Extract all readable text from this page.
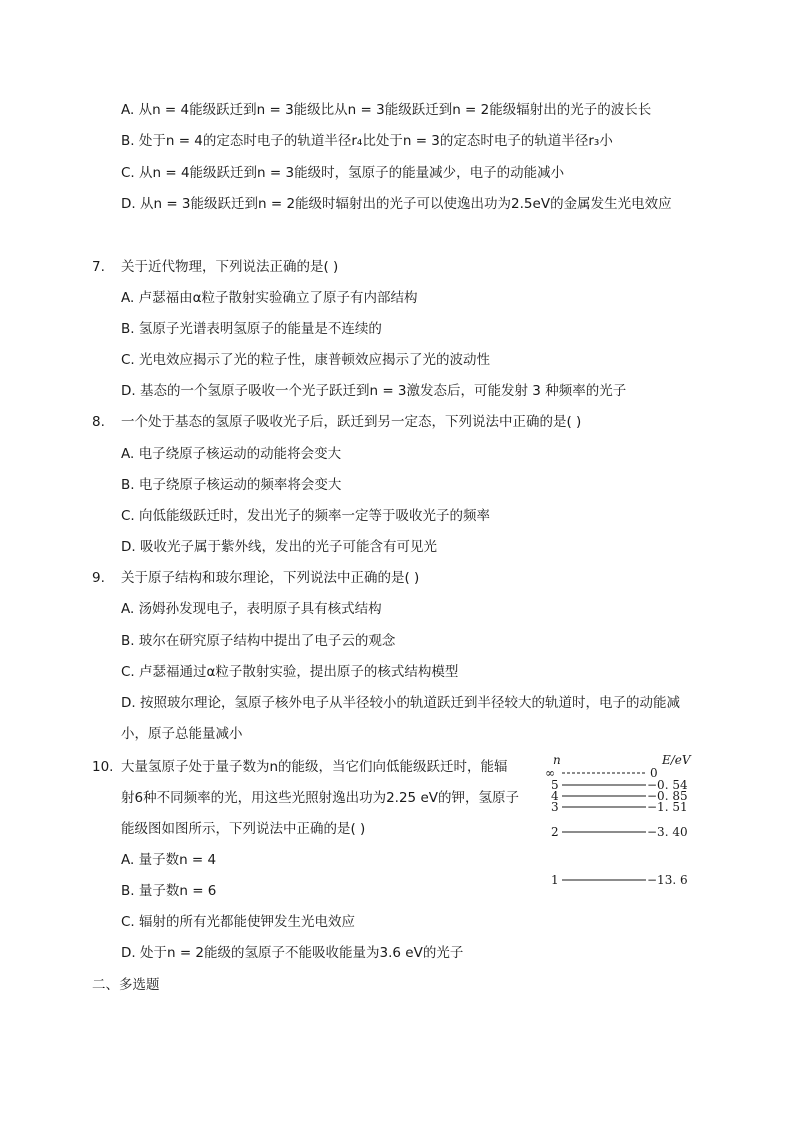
A. 从n = 4能级跃迁到n = 3能级比从n = 3能级跃迁到n = 2能级辐射出的光子的波长长
B. 处于n = 4的定态时电子的轨道半径r₄比处于n = 3的定态时电子的轨道半径r₃小
C. 从n = 4能级跃迁到n = 3能级时，氢原子的能量减少，电子的动能减小
D. 从n = 3能级跃迁到n = 2能级时辐射出的光子可以使逸出功为2.5eV的金属发生光电效应
7. 关于近代物理，下列说法正确的是( )
A. 卢瑟福由α粒子散射实验确立了原子有内部结构
B. 氢原子光谱表明氢原子的能量是不连续的
C. 光电效应揭示了光的粒子性，康普顿效应揭示了光的波动性
D. 基态的一个氢原子吸收一个光子跃迁到n = 3激发态后，可能发射 3 种频率的光子
8. 一个处于基态的氢原子吸收光子后，跃迁到另一定态，下列说法中正确的是( )
A. 电子绕原子核运动的动能将会变大
B. 电子绕原子核运动的频率将会变大
C. 向低能级跃迁时，发出光子的频率一定等于吸收光子的频率
D. 吸收光子属于紫外线，发出的光子可能含有可见光
9. 关于原子结构和玻尔理论，下列说法中正确的是( )
A. 汤姆孙发现电子，表明原子具有核式结构
B. 玻尔在研究原子结构中提出了电子云的观念
C. 卢瑟福通过α粒子散射实验，提出原子的核式结构模型
D. 按照玻尔理论，氢原子核外电子从半径较小的轨道跃迁到半径较大的轨道时，电子的动能减
小，原子总能量减小
10. 大量氢原子处于量子数为n的能级，当它们向低能级跃迁时，能辐
射6种不同频率的光，用这些光照射逸出功为2.25 eV的钾，氢原子
能级图如图所示，下列说法中正确的是( )
A. 量子数n = 4
B. 量子数n = 6
C. 辐射的所有光都能使钾发生光电效应
D. 处于n = 2能级的氢原子不能吸收能量为3.6 eV的光子
n	E/eV
∞	0
5	−0. 54
4	−0. 85
3	−1. 51
2	−3. 40
1	−13. 6
二、多选题
